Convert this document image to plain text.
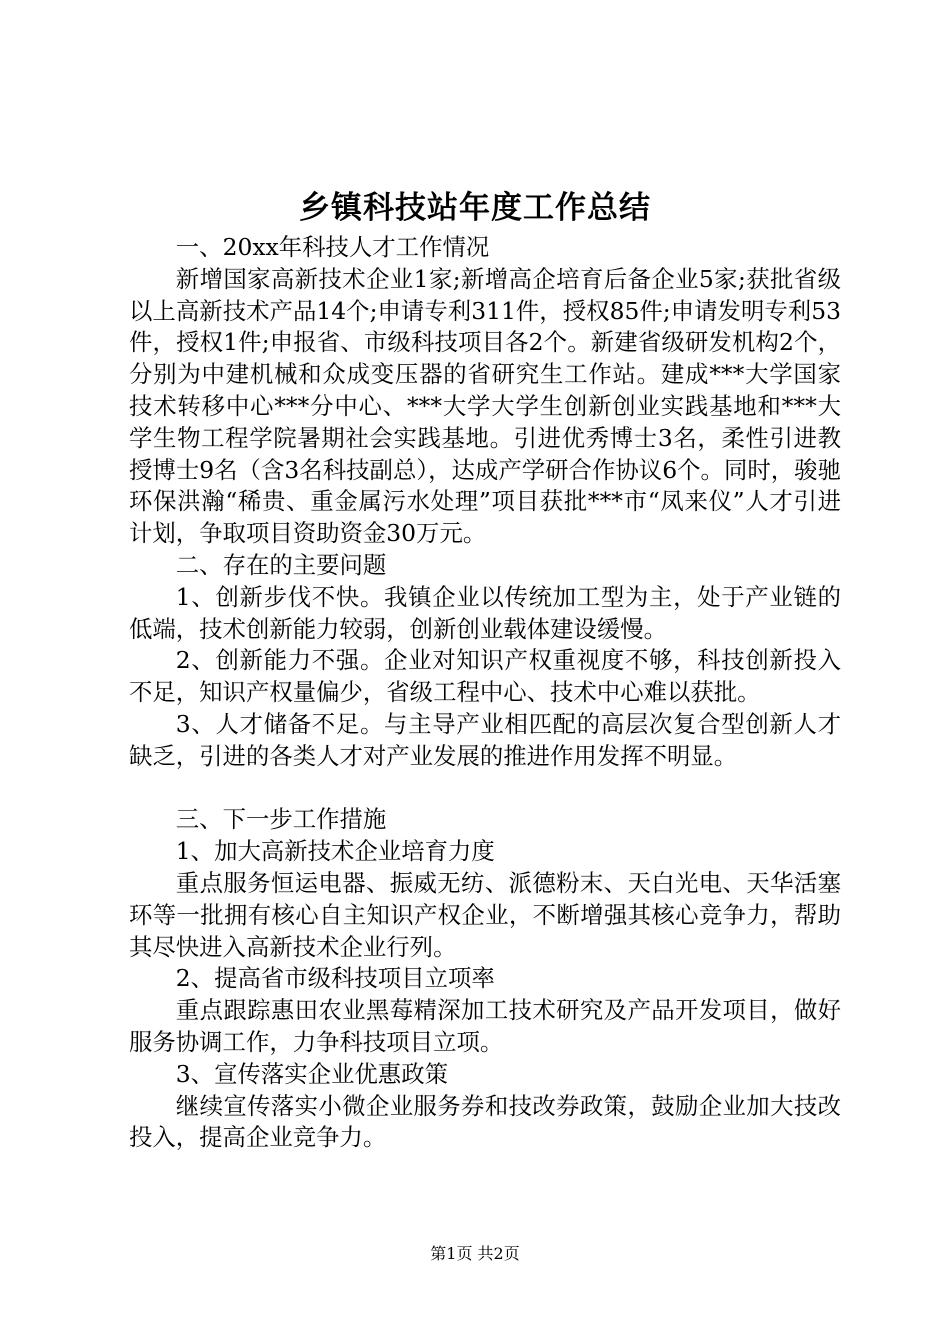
乡镇科技站年度工作总结

一、20xx年科技人才工作情况

新增国家高新技术企业1家;新增高企培育后备企业5家;获批省级以上高新技术产品14个;申请专利311件，授权85件;申请发明专利53件，授权1件;申报省、市级科技项目各2个。新建省级研发机构2个，分别为中建机械和众成变压器的省研究生工作站。建成***大学国家技术转移中心***分中心、***大学大学生创新创业实践基地和***大学生物工程学院暑期社会实践基地。引进优秀博士3名，柔性引进教授博士9名（含3名科技副总），达成产学研合作协议6个。同时，骏驰环保洪瀚“稀贵、重金属污水处理”项目获批***市“凤来仪”人才引进计划，争取项目资助资金30万元。

二、存在的主要问题

1、创新步伐不快。我镇企业以传统加工型为主，处于产业链的低端，技术创新能力较弱，创新创业载体建设缓慢。

2、创新能力不强。企业对知识产权重视度不够，科技创新投入不足，知识产权量偏少，省级工程中心、技术中心难以获批。

3、人才储备不足。与主导产业相匹配的高层次复合型创新人才缺乏，引进的各类人才对产业发展的推进作用发挥不明显。

三、下一步工作措施

1、加大高新技术企业培育力度

重点服务恒运电器、振威无纺、派德粉末、天白光电、天华活塞环等一批拥有核心自主知识产权企业，不断增强其核心竞争力，帮助其尽快进入高新技术企业行列。

2、提高省市级科技项目立项率

重点跟踪惠田农业黑莓精深加工技术研究及产品开发项目，做好服务协调工作，力争科技项目立项。

3、宣传落实企业优惠政策

继续宣传落实小微企业服务券和技改券政策，鼓励企业加大技改投入，提高企业竞争力。

第1页 共2页
